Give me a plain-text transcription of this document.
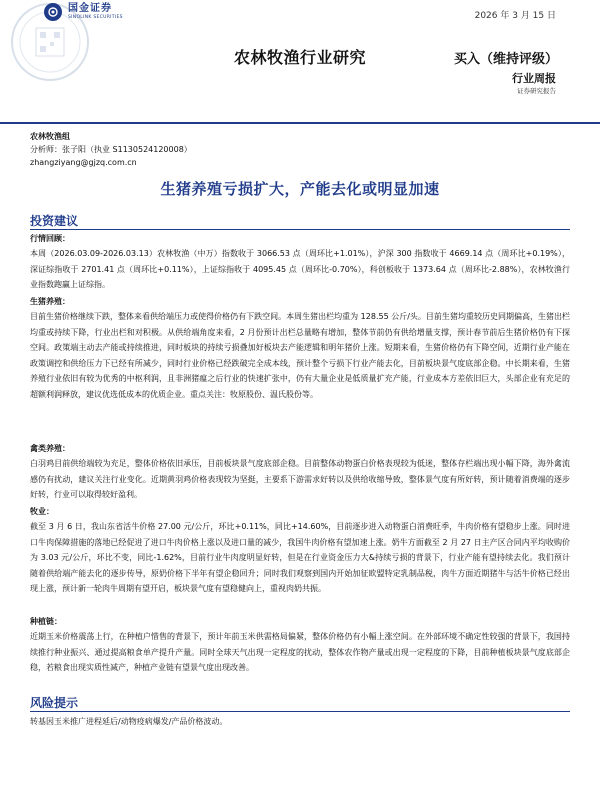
国金证券
SINOLINK SECURITIES	2026 年 3 月 15 日
农林牧渔行业研究	买入（维持评级）
行业周报
证券研究报告
农林牧渔组
分析师：张子阳（执业 S1130524120008）
zhangziyang@gjzq.com.cn
生猪养殖亏损扩大，产能去化或明显加速
投资建议
行情回顾：
本周（2026.03.09-2026.03.13）农林牧渔（中万）指数收于 3066.53 点（周环比+1.01%），沪深 300 指数收于 4669.14 点（周环比+0.19%），深证综指收于 2701.41 点（周环比+0.11%），上证综指收于 4095.45 点（周环比-0.70%），科创板收于 1373.64 点（周环比-2.88%），农林牧渔行业指数跑赢上证综指。
生猪养殖：
目前生猪价格继续下跌，整体来看供给端压力或使得价格仍有下跌空间。本周生猪出栏均重为 128.55 公斤/头。目前生猪均重较历史同期偏高，生猪出栏均重或持续下降，行业出栏和对积极。从供给端角度来看，2 月份预计出栏总量略有增加，整体节前仍有供给增量支撑，预计春节前后生猪价格仍有下探空间。政策端主动去产能或持续推进，同时板块的持续亏损叠加好板块去产能逻辑和明年猪价上涨。短期来看，生猪价格仍有下降空间，近期行业产能在政策调控和供给压力下已经有所减少，同时行业价格已经跌破完全成本线，预计整个亏损下行业产能去化，目前板块景气度底部企稳。中长期来看，生猪养殖行业依旧有较为优秀的中枢利润，且非洲猪瘟之后行业的快速扩张中，仍有大量企业是低质量扩充产能，行业成本方差依旧巨大，头部企业有充足的超额利润释放，建议优选低成本的优质企业。重点关注：牧原股份、温氏股份等。
禽类养殖：
白羽鸡目前供给端较为充足，整体价格依旧承压，目前板块景气度底部企稳。目前整体动物蛋白价格表现较为低迷，整体存栏端出现小幅下降，海外禽流感仍有扰动，建议关注行业变化。近期黄羽鸡价格表现较为坚挺，主要系下游需求好转以及供给收缩导致，整体景气度有所好转，预计随着消费端的逐步好转，行业可以取得较好盈利。
牧业：
截至 3 月 6 日，我山东省活牛价格 27.00 元/公斤，环比+0.11%，同比+14.60%，目前逐步进入动物蛋白消费旺季，牛肉价格有望稳步上涨。同时进口牛肉保障措施的落地已经促进了进口牛肉价格上涨以及进口量的减少，我国牛肉价格有望加速上涨。奶牛方面截至 2 月 27 日主产区合同内平均收购价为 3.03 元/公斤，环比不变，同比-1.62%，目前行业牛肉度明显好转，但是在行业资金压力大&持续亏损的背景下，行业产能有望持续去化。我们预计随着供给端产能去化的逐步传导，原奶价格下半年有望企稳回升；同时我们观察到国内开始加征欧盟特定乳制品税，肉牛方面近期猪牛与活牛价格已经出现上涨，预计新一轮肉牛周期有望开启，板块景气度有望稳健向上，重视肉奶共振。
种植链：
近期玉米价格震荡上行，在种植户惜售的背景下，预计年前玉米供需格局偏紧，整体价格仍有小幅上涨空间。在外部环境不确定性较强的背景下，我国持续推行种业振兴、通过提高粮食单产提升产量。同时全球天气出现一定程度的扰动，整体农作物产量或出现一定程度的下降，目前种植板块景气度底部企稳，若粮食出现实质性减产，种植产业链有望景气度出现改善。
风险提示
转基因玉米推广进程延后/动物疫病爆发/产品价格波动。
